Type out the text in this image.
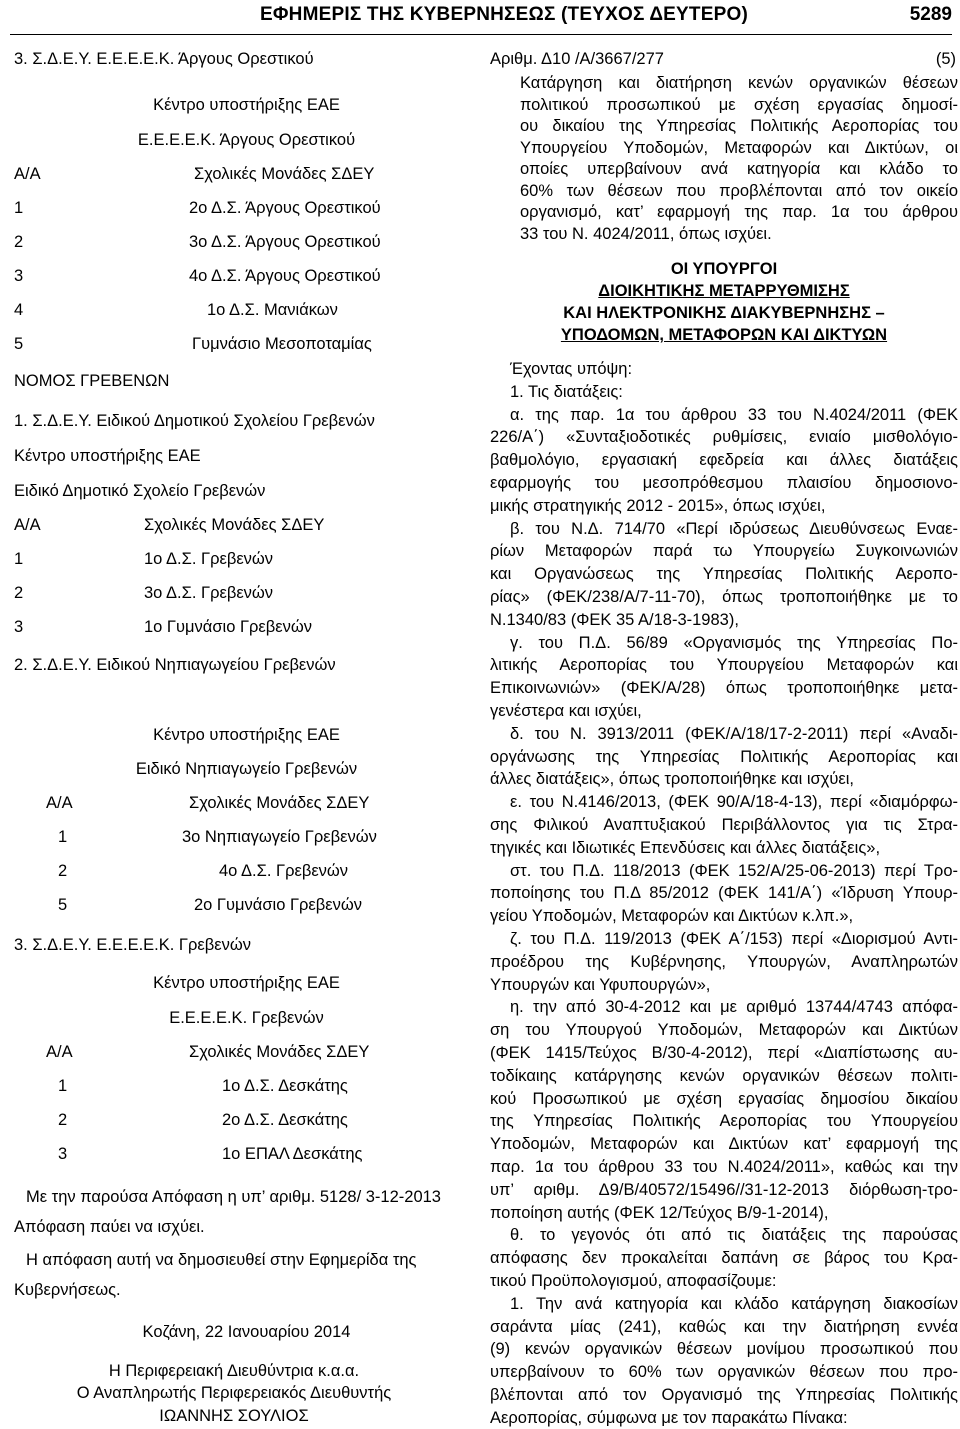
ΕΦΗΜΕΡΙΣ ΤΗΣ ΚΥΒΕΡΝΗΣΕΩΣ (ΤΕΥΧΟΣ ΔΕΥΤΕΡΟ)	5289
3. Σ.Δ.Ε.Υ. Ε.Ε.Ε.Ε.Κ. Άργους Ορεστικού
Κέντρο υποστήριξης ΕΑΕ
Ε.Ε.Ε.Ε.Κ. Άργους Ορεστικού
Α/Α	Σχολικές Μονάδες ΣΔΕΥ
1	2ο Δ.Σ. Άργους Ορεστικού
2	3ο Δ.Σ. Άργους Ορεστικού
3	4ο Δ.Σ. Άργους Ορεστικού
4	1ο Δ.Σ. Μανιάκων
5	Γυμνάσιο Μεσοποταμίας
ΝΟΜΟΣ ΓΡΕΒΕΝΩΝ
1. Σ.Δ.Ε.Υ. Ειδικού Δημοτικού Σχολείου Γρεβενών
Κέντρο υποστήριξης ΕΑΕ
Ειδικό Δημοτικό Σχολείο Γρεβενών
Α/Α	Σχολικές Μονάδες ΣΔΕΥ
1	1ο Δ.Σ. Γρεβενών
2	3ο Δ.Σ. Γρεβενών
3	1ο Γυμνάσιο Γρεβενών
2. Σ.Δ.Ε.Υ. Ειδικού Νηπιαγωγείου Γρεβενών
Κέντρο υποστήριξης ΕΑΕ
Ειδικό Νηπιαγωγείο Γρεβενών
Α/Α	Σχολικές Μονάδες ΣΔΕΥ
1	3ο Νηπιαγωγείο Γρεβενών
2	4ο Δ.Σ. Γρεβενών
5	2ο Γυμνάσιο Γρεβενών
3. Σ.Δ.Ε.Υ. Ε.Ε.Ε.Ε.Κ. Γρεβενών
Κέντρο υποστήριξης ΕΑΕ
Ε.Ε.Ε.Ε.Κ. Γρεβενών
Α/Α	Σχολικές Μονάδες ΣΔΕΥ
1	1ο Δ.Σ. Δεσκάτης
2	2ο Δ.Σ. Δεσκάτης
3	1ο ΕΠΑΛ Δεσκάτης
Με την παρούσα Απόφαση η υπ’ αριθμ. 5128/ 3-12-2013
Απόφαση παύει να ισχύει.
Η απόφαση αυτή να δημοσιευθεί στην Εφημερίδα της
Κυβερνήσεως.
Κοζάνη, 22 Ιανουαρίου 2014
Η Περιφερειακή Διευθύντρια κ.α.α.
Ο Αναπληρωτής Περιφερειακός Διευθυντής
ΙΩΑΝΝΗΣ ΣΟΥΛΙΟΣ
Αριθμ. Δ10 /Α/3667/277	(5)
Κατάργηση και διατήρηση κενών οργανικών θέσεων
πολιτικού προσωπικού με σχέση εργασίας δημοσί-
ου δικαίου της Υπηρεσίας Πολιτικής Αεροπορίας του
Υπουργείου Υποδομών, Μεταφορών και Δικτύων, οι
οποίες υπερβαίνουν ανά κατηγορία και κλάδο το
60% των θέσεων που προβλέπονται από τον οικείο
οργανισμό, κατ’ εφαρμογή της παρ. 1α του άρθρου
33 του Ν. 4024/2011, όπως ισχύει.
ΟΙ ΥΠΟΥΡΓΟΙ
ΔΙΟΙΚΗΤΙΚΗΣ ΜΕΤΑΡΡΥΘΜΙΣΗΣ
ΚΑΙ ΗΛΕΚΤΡΟΝΙΚΗΣ ΔΙΑΚΥΒΕΡΝΗΣΗΣ –
ΥΠΟΔΟΜΩΝ, ΜΕΤΑΦΟΡΩΝ ΚΑΙ ΔΙΚΤΥΩΝ
Έχοντας υπόψη:
1. Τις διατάξεις:
α. της παρ. 1α του άρθρου 33 του Ν.4024/2011 (ΦΕΚ
226/Α΄) «Συνταξιοδοτικές ρυθμίσεις, ενιαίο μισθολόγιο-
βαθμολόγιο, εργασιακή εφεδρεία και άλλες διατάξεις
εφαρμογής του μεσοπρόθεσμου πλαισίου δημοσιονο-
μικής στρατηγικής 2012 - 2015», όπως ισχύει,
β. του Ν.Δ. 714/70 «Περί ιδρύσεως Διευθύνσεως Εναε-
ρίων Μεταφορών παρά τω Υπουργείω Συγκοινωνιών
και Οργανώσεως της Υπηρεσίας Πολιτικής Αεροπο-
ρίας» (ΦΕΚ/238/Α/7-11-70), όπως τροποποιήθηκε με το
Ν.1340/83 (ΦΕΚ 35 Α/18-3-1983),
γ. του Π.Δ. 56/89 «Οργανισμός της Υπηρεσίας Πο-
λιτικής Αεροπορίας του Υπουργείου Μεταφορών και
Επικοινωνιών» (ΦΕΚ/Α/28) όπως τροποποιήθηκε μετα-
γενέστερα και ισχύει,
δ. του Ν. 3913/2011 (ΦΕΚ/Α/18/17-2-2011) περί «Αναδι-
οργάνωσης της Υπηρεσίας Πολιτικής Αεροπορίας και
άλλες διατάξεις», όπως τροποποιήθηκε και ισχύει,
ε. του Ν.4146/2013, (ΦΕΚ 90/Α/18-4-13), περί «διαμόρφω-
σης Φιλικού Αναπτυξιακού Περιβάλλοντος για τις Στρα-
τηγικές και Ιδιωτικές Επενδύσεις και άλλες διατάξεις»,
στ. του Π.Δ. 118/2013 (ΦΕΚ 152/Α/25-06-2013) περί Τρο-
ποποίησης του Π.Δ 85/2012 (ΦΕΚ 141/Α΄) «Ίδρυση Υπουρ-
γείου Υποδομών, Μεταφορών και Δικτύων κ.λπ.»,
ζ. του Π.Δ. 119/2013 (ΦΕΚ Α΄/153) περί «Διορισμού Αντι-
προέδρου της Κυβέρνησης, Υπουργών, Αναπληρωτών
Υπουργών και Υφυπουργών»,
η. την από 30-4-2012 και με αριθμό 13744/4743 απόφα-
ση του Υπουργού Υποδομών, Μεταφορών και Δικτύων
(ΦΕΚ 1415/Τεύχος Β/30-4-2012), περί «Διαπίστωσης αυ-
τοδίκαιης κατάργησης κενών οργανικών θέσεων πολιτι-
κού Προσωπικού με σχέση εργασίας δημοσίου δικαίου
της Υπηρεσίας Πολιτικής Αεροπορίας του Υπουργείου
Υποδομών, Μεταφορών και Δικτύων κατ’ εφαρμογή της
παρ. 1α του άρθρου 33 του Ν.4024/2011», καθώς και την
υπ’ αριθμ. Δ9/Β/40572/15496//31-12-2013 διόρθωση-τρο-
ποποίηση αυτής (ΦΕΚ 12/Τεύχος Β/9-1-2014),
θ. το γεγονός ότι από τις διατάξεις της παρούσας
απόφασης δεν προκαλείται δαπάνη σε βάρος του Κρα-
τικού Προϋπολογισμού, αποφασίζουμε:
1. Την ανά κατηγορία και κλάδο κατάργηση διακοσίων
σαράντα μίας (241), καθώς και την διατήρηση εννέα
(9) κενών οργανικών θέσεων μονίμου προσωπικού που
υπερβαίνουν το 60% των οργανικών θέσεων που προ-
βλέπονται από τον Οργανισμό της Υπηρεσίας Πολιτικής
Αεροπορίας, σύμφωνα με τον παρακάτω Πίνακα:
